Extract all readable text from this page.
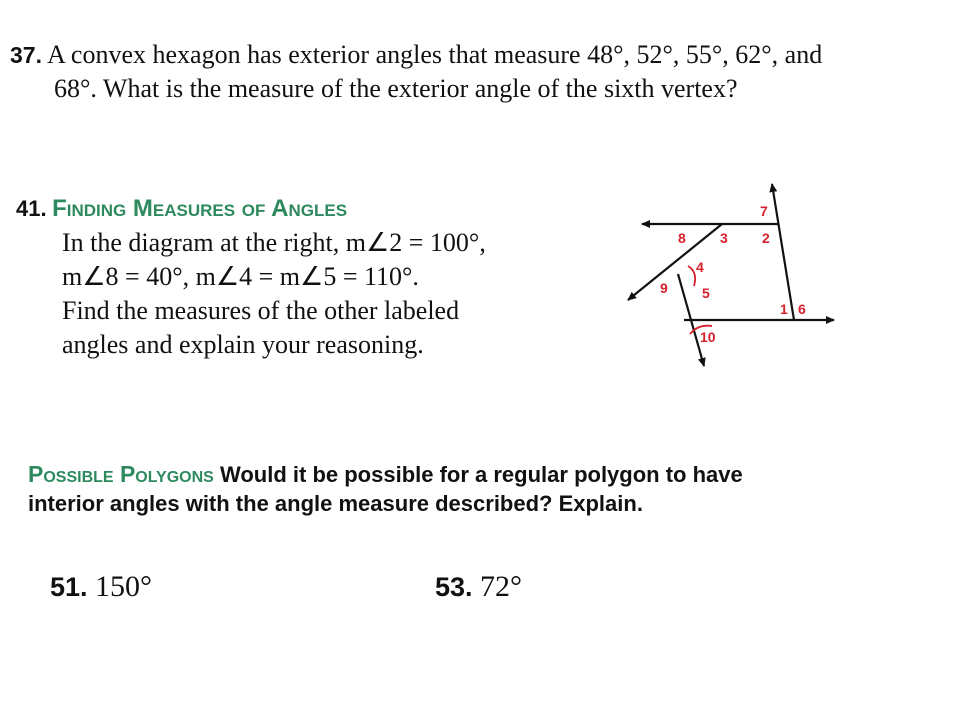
37. A convex hexagon has exterior angles that measure 48°, 52°, 55°, 62°, and
68°. What is the measure of the exterior angle of the sixth vertex?
41. Finding Measures of Angles
In the diagram at the right, m∠2 = 100°,
m∠8 = 40°, m∠4 = m∠5 = 110°.
Find the measures of the other labeled
angles and explain your reasoning.
7
8 3 2
4
9 5
1 6
10
Possible Polygons Would it be possible for a regular polygon to have
interior angles with the angle measure described? Explain.
51. 150°	53. 72°
